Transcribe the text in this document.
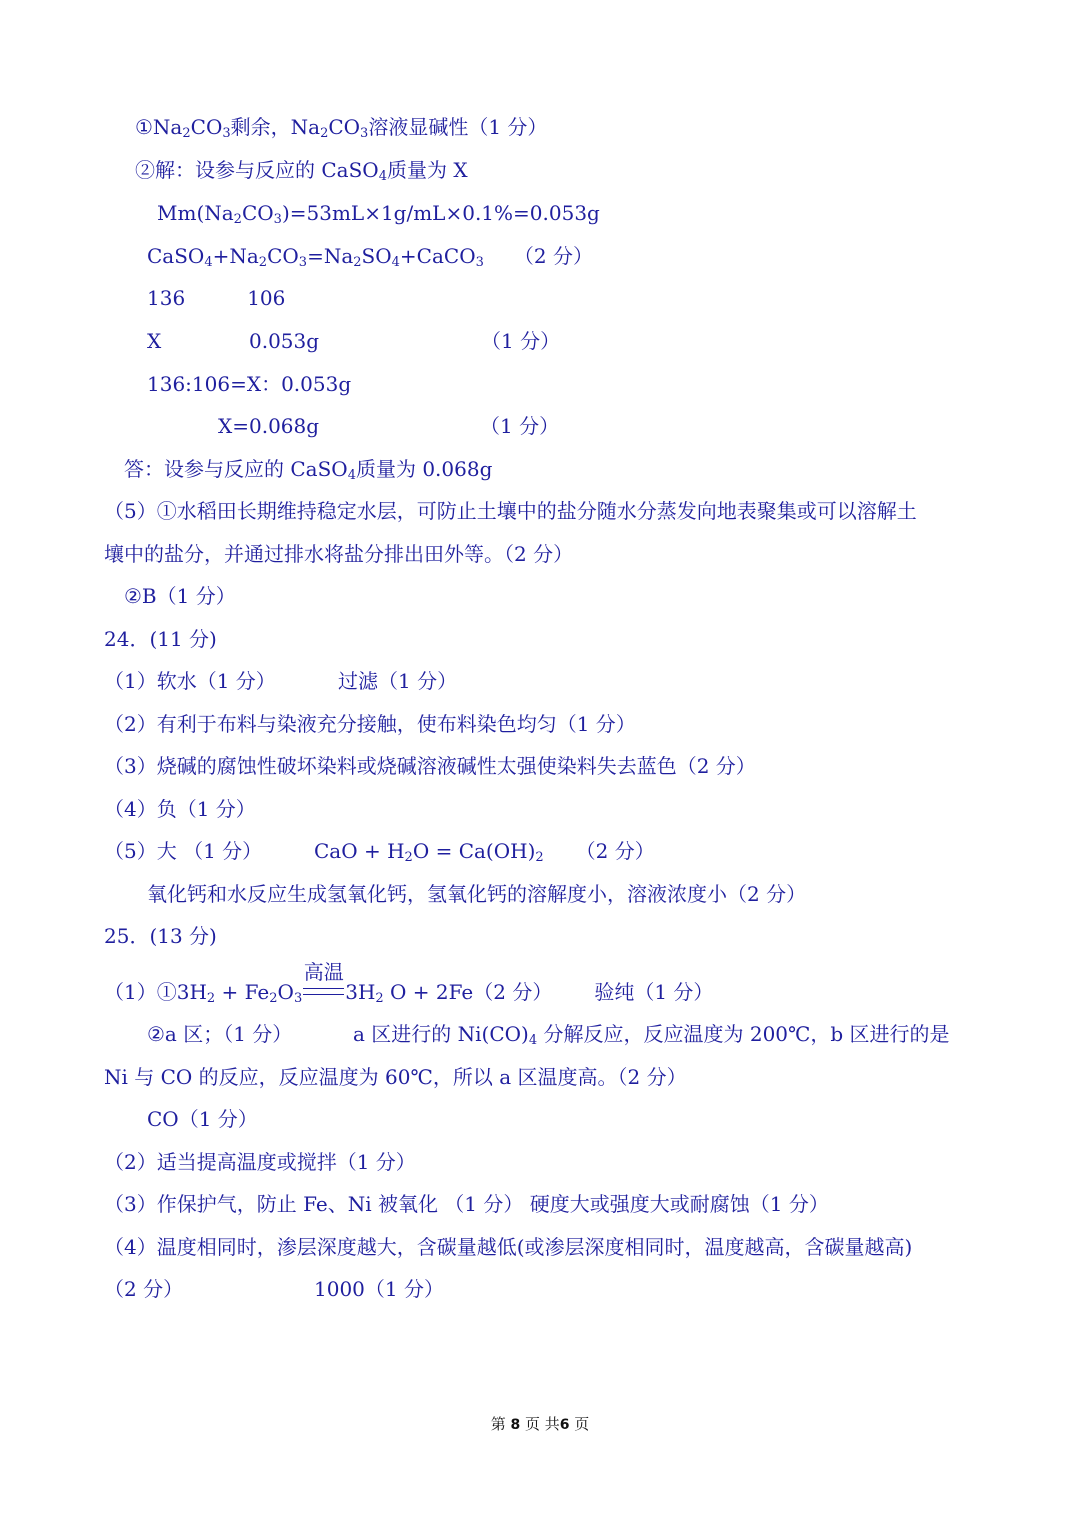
$①Na_2CO_3$剩余，$Na_2CO_3$溶液显碱性（1 分）
②解：设参与反应的 CaSO$_4$质量为 X
$Mm(Na_2CO_3)=53mL\times 1g/mL\times 0.1\%=0.053g$
$CaSO_4+Na_2CO_3=Na_2SO_4+CaCO_3$ （2 分）
136	106
X	0.053g	（1 分）
136:106=X：0.053g
X=0.068g	（1 分）
答：设参与反应的 CaSO$_4$质量为 0.068g
（5）①水稻田长期维持稳定水层，可防止土壤中的盐分随水分蒸发向地表聚集或可以溶解土
壤中的盐分，并通过排水将盐分排出田外等。（2 分）
②B（1 分）
24．(11 分)
（1）软水（1 分）	过滤（1 分）
（2）有利于布料与染液充分接触，使布料染色均匀（1 分）
（3）烧碱的腐蚀性破坏染料或烧碱溶液碱性太强使染料失去蓝色（2 分）
（4）负（1 分）
（5）大 （1 分）	CaO + $H_2O = Ca(OH)_2$ （2 分）
氧化钙和水反应生成氢氧化钙，氢氧化钙的溶解度小，溶液浓度小（2 分）
25．(13 分)
$(1)①3H_2 + Fe_2O_3$
高温
$3H_2$ O + 2Fe（2 分） 验纯（1 分）
②a 区；（1 分）	a 区进行的 $Ni(CO)_4$ 分解反应，反应温度为 200℃，b 区进行的是
Ni 与 CO 的反应，反应温度为 60℃，所以 a 区温度高。（2 分）
CO（1 分）
（2）适当提高温度或搅拌（1 分）
（3）作保护气，防止 Fe、Ni 被氧化 （1 分） 硬度大或强度大或耐腐蚀（1 分）
（4）温度相同时，渗层深度越大，含碳量越低(或渗层深度相同时，温度越高，含碳量越高)
（2 分）	1000（1 分）
第 8 页 共6 页
